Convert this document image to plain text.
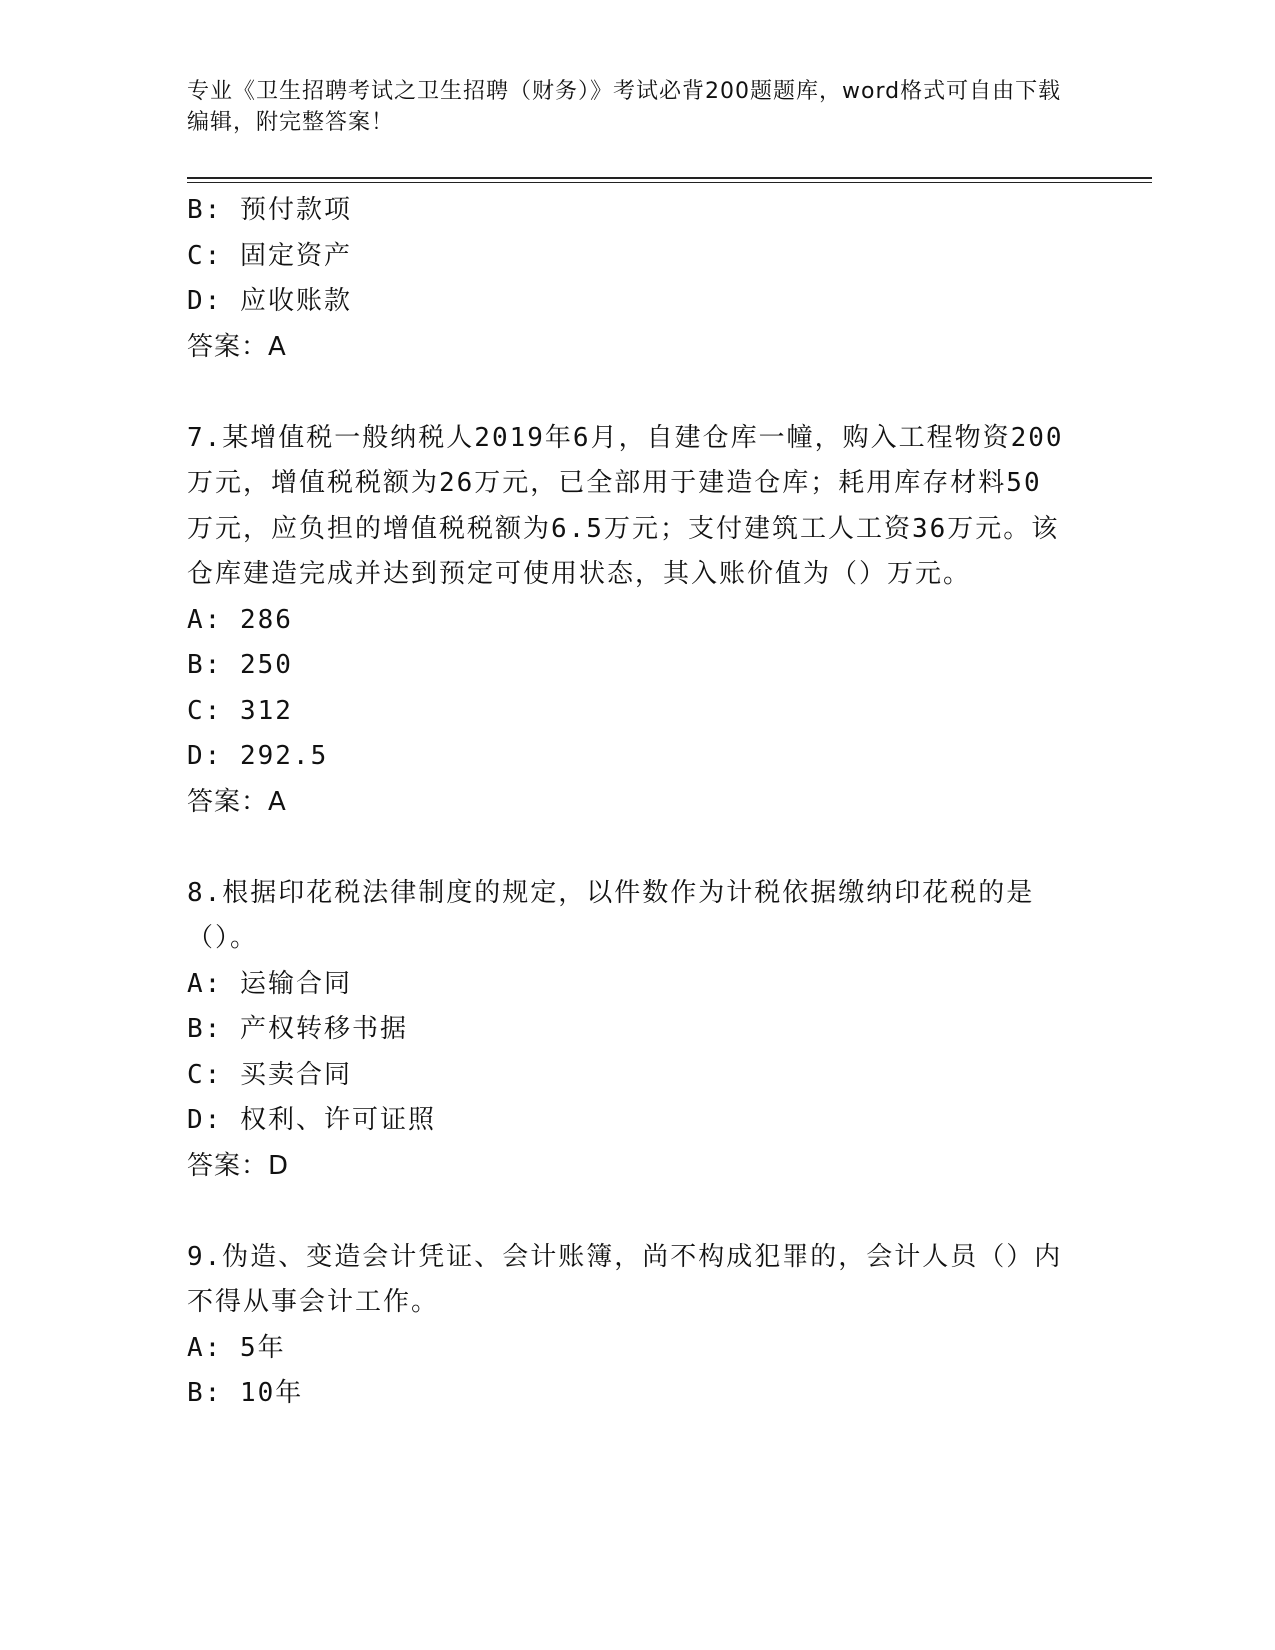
专业《卫生招聘考试之卫生招聘（财务）》考试必背200题题库，word格式可自由下载编辑，附完整答案！
B: 预付款项
C: 固定资产
D: 应收账款
答案：A
7.某增值税一般纳税人2019年6月，自建仓库一幢，购入工程物资200万元，增值税税额为26万元，已全部用于建造仓库；耗用库存材料50万元，应负担的增值税税额为6.5万元；支付建筑工人工资36万元。该仓库建造完成并达到预定可使用状态，其入账价值为（）万元。
A: 286
B: 250
C: 312
D: 292.5
答案：A
8.根据印花税法律制度的规定，以件数作为计税依据缴纳印花税的是（）。
A: 运输合同
B: 产权转移书据
C: 买卖合同
D: 权利、许可证照
答案：D
9.伪造、变造会计凭证、会计账簿，尚不构成犯罪的，会计人员（）内不得从事会计工作。
A: 5年
B: 10年
